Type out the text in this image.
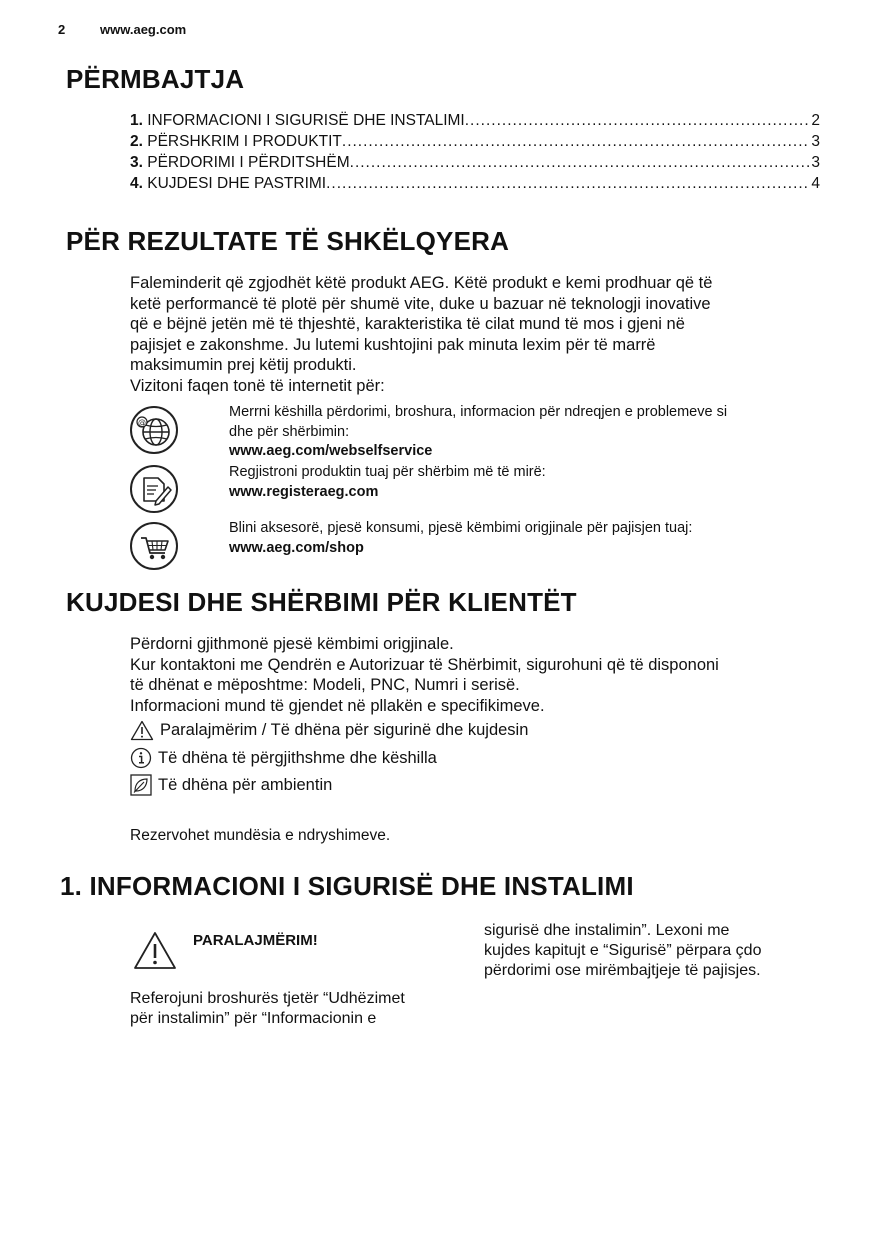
2	www.aeg.com
PËRMBAJTJA
1. INFORMACIONI I SIGURISË DHE INSTALIMI .....	2
2. PËRSHKRIM I PRODUKTIT .....	3
3. PËRDORIMI I PËRDITSHËM .....	3
4. KUJDESI DHE PASTRIMI .....	4
PËR REZULTATE TË SHKËLQYERA

Faleminderit që zgjodhët këtë produkt AEG. Këtë produkt e kemi prodhuar që të

ketë performancë të plotë për shumë vite, duke u bazuar në teknologji inovative

që e bëjnë jetën më të thjeshtë, karakteristika të cilat mund të mos i gjeni në

pajisjet e zakonshme. Ju lutemi kushtojini pak minuta lexim për të marrë

maksimumin prej këtij produkti.

Vizitoni faqen tonë të internetit për:

@

Merrni këshilla përdorimi, broshura, informacion për ndreqjen e problemeve si

dhe për shërbimin:

www.aeg.com/webselfservice

Regjistroni produktin tuaj për shërbim më të mirë:

www.registeraeg.com

Blini aksesorë, pjesë konsumi, pjesë këmbimi origjinale për pajisjen tuaj:

www.aeg.com/shop

KUJDESI DHE SHËRBIMI PËR KLIENTËT

Përdorni gjithmonë pjesë këmbimi origjinale.

Kur kontaktoni me Qendrën e Autorizuar të Shërbimit, sigurohuni që të dispononi

të dhënat e mëposhtme: Modeli, PNC, Numri i serisë.

Informacioni mund të gjendet në pllakën e specifikimeve.

Paralajmërim / Të dhëna për sigurinë dhe kujdesin
Të dhëna të përgjithshme dhe këshilla
Të dhëna për ambientin

Rezervohet mundësia e ndryshimeve.

1. INFORMACIONI I SIGURISË DHE INSTALIMI
PARALAJMËRIM!

Referojuni broshurës tjetër “Udhëzimet

për instalimin” për “Informacionin e

sigurisë dhe instalimin”. Lexoni me

kujdes kapitujt e “Sigurisë” përpara çdo

përdorimi ose mirëmbajtjeje të pajisjes.
